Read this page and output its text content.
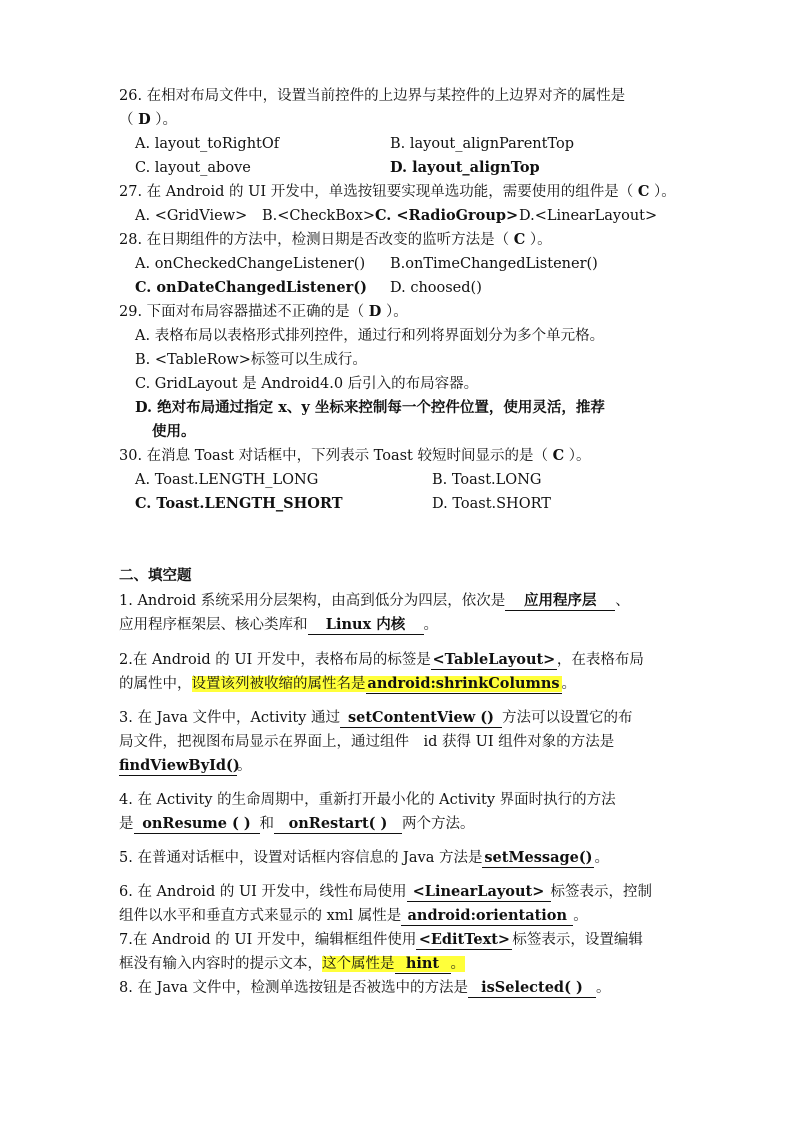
26. 在相对布局文件中，设置当前控件的上边界与某控件的上边界对齐的属性是
（ D ）。
A. layout_toRightOf	B. layout_alignParentTop
C. layout_above	D. layout_alignTop
27. 在 Android 的 UI 开发中，单选按钮要实现单选功能，需要使用的组件是（ C ）。
A. <GridView> B.<CheckBox> C. <RadioGroup> D.<LinearLayout>
28. 在日期组件的方法中，检测日期是否改变的监听方法是（ C ）。
A. onCheckedChangeListener() B.onTimeChangedListener()
C. onDateChangedListener() D. choosed()
29. 下面对布局容器描述不正确的是（ D ）。
A. 表格布局以表格形式排列控件，通过行和列将界面划分为多个单元格。
B. <TableRow>标签可以生成行。
C. GridLayout 是 Android4.0 后引入的布局容器。
D. 绝对布局通过指定 x、y 坐标来控制每一个控件位置，使用灵活，推荐
使用。
30. 在消息 Toast 对话框中，下列表示 Toast 较短时间显示的是（ C ）。
A. Toast.LENGTH_LONG	B. Toast.LONG
C. Toast.LENGTH_SHORT	D. Toast.SHORT
二、填空题
1. Android 系统采用分层架构，由高到低分为四层，依次是 应用程序层 、
应用程序框架层、核心类库和 Linux 内核 。
2.在 Android 的 UI 开发中，表格布局的标签是 <TableLayout> ，在表格布局
的属性中，设置该列被收缩的属性名是 android:shrinkColumns 。
3. 在 Java 文件中，Activity 通过 setContentView () 方法可以设置它的布
局文件，把视图布局显示在界面上，通过组件　id 获得 UI 组件对象的方法是
findViewById()。
4. 在 Activity 的生命周期中，重新打开最小化的 Activity 界面时执行的方法
是 onResume ( ) 和 onRestart( ) 两个方法。
5. 在普通对话框中，设置对话框内容信息的 Java 方法是 setMessage() 。
6. 在 Android 的 UI 开发中，线性布局使用 <LinearLayout> 标签表示，控制
组件以水平和垂直方式来显示的 xml 属性是 android:orientation 。
7.在 Android 的 UI 开发中，编辑框组件使用 <EditText> 标签表示，设置编辑
框没有输入内容时的提示文本，这个属性是 hint 。
8. 在 Java 文件中，检测单选按钮是否被选中的方法是 isSelected( ) 。
